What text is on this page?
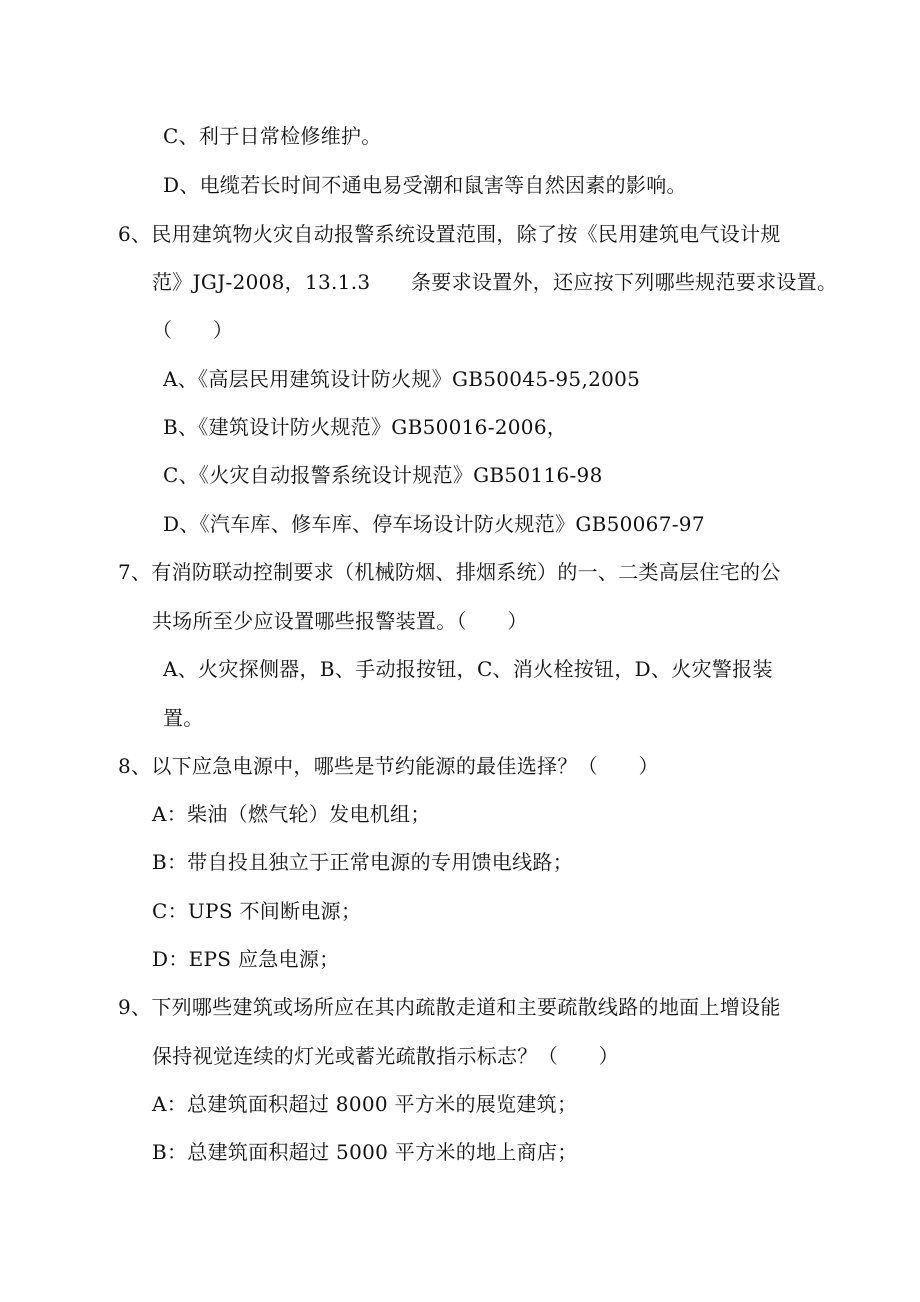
C、利于日常检修维护。
D、电缆若长时间不通电易受潮和鼠害等自然因素的影响。
6、民用建筑物火灾自动报警系统设置范围，除了按《民用建筑电气设计规
范》JGJ-2008，13.1.3　　条要求设置外，还应按下列哪些规范要求设置。
（　　）
A、《高层民用建筑设计防火规》GB50045-95,2005
B、《建筑设计防火规范》GB50016-2006，
C、《火灾自动报警系统设计规范》GB50116-98
D、《汽车库、修车库、停车场设计防火规范》GB50067-97
7、有消防联动控制要求（机械防烟、排烟系统）的一、二类高层住宅的公
共场所至少应设置哪些报警装置。（　　）
A、火灾探侧器，B、手动报按钮，C、消火栓按钮，D、火灾警报装
置。
8、以下应急电源中，哪些是节约能源的最佳选择？（　　）
A：柴油（燃气轮）发电机组；
B：带自投且独立于正常电源的专用馈电线路；
C：UPS 不间断电源；
D：EPS 应急电源；
9、下列哪些建筑或场所应在其内疏散走道和主要疏散线路的地面上增设能
保持视觉连续的灯光或蓄光疏散指示标志？（　　）
A：总建筑面积超过 8000 平方米的展览建筑；
B：总建筑面积超过 5000 平方米的地上商店；
